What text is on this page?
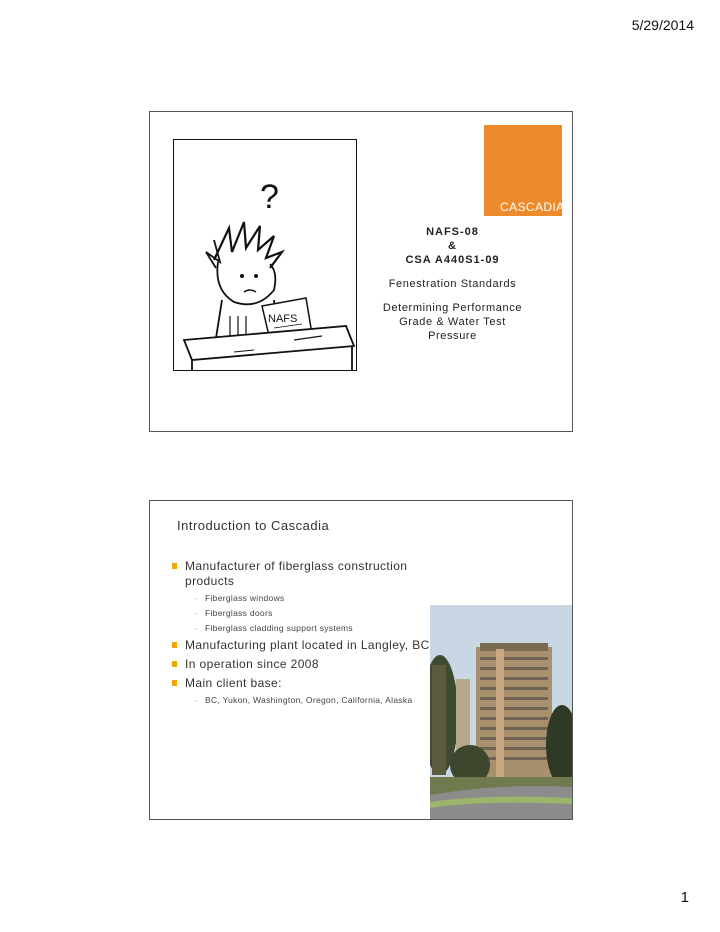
5/29/2014
?
NAFS
CASCADIA
WINDOWS & DOORS
NAFS-08
&
CSA A440S1-09
Fenestration Standards
Determining Performance
Grade & Water Test
Pressure
Introduction to Cascadia
Manufacturer of fiberglass construction products
- Fiberglass windows
- Fiberglass doors
- Fiberglass cladding support systems
Manufacturing plant located in Langley, BC
In operation since 2008
Main client base:
- BC, Yukon, Washington, Oregon, California, Alaska
1
